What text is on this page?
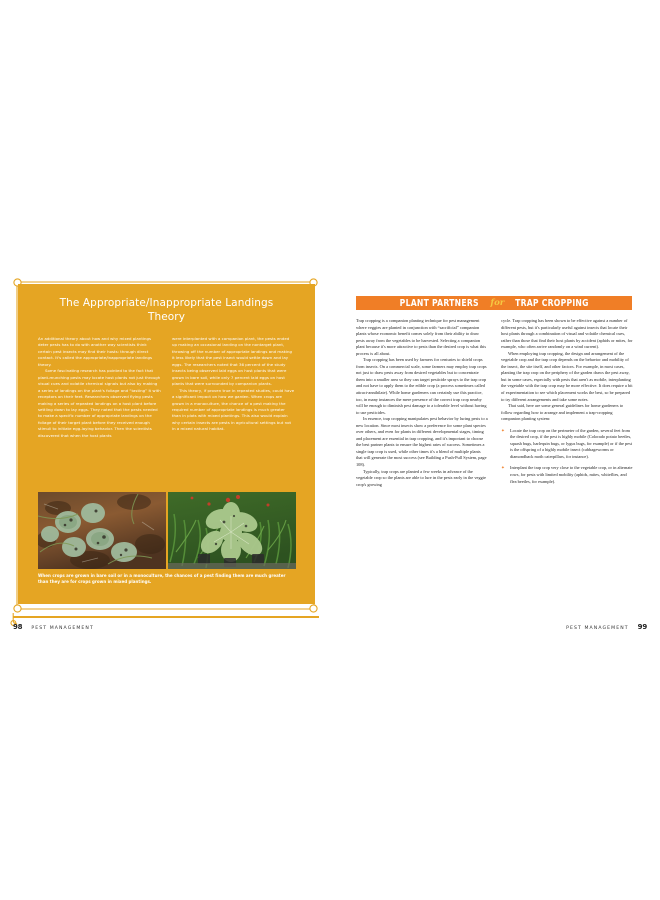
The Appropriate/Inappropriate Landings Theory

An additional theory about how and why mixed plantings deter pests has to do with another way scientists think certain pest insects may find their hosts: through direct contact. It's called the appropriate/inappropriate landings theory.

Some fascinating research has pointed to the fact that plant-munching pests may locate host plants not just through visual cues and volatile chemical signals but also by making a series of landings on the plant's foliage and “tasting” it with receptors on their feet. Researchers observed flying pests making a series of repeated landings on a host plant before settling down to lay eggs. They noted that the pests needed to make a specific number of appropriate landings on the foliage of their target plant before they received enough stimuli to initiate egg-laying behavior. Then the scientists discovered that when the host plants

were interplanted with a companion plant, the pests ended up making an occasional landing on the nontarget plant, throwing off the number of appropriate landings and making it less likely that the pest insect would settle down and lay eggs. The researchers noted that 36 percent of the study insects being observed laid eggs on host plants that were grown in bare soil, while only 7 percent laid eggs on host plants that were surrounded by companion plants.

This theory, if proven true in repeated studies, could have a significant impact on how we garden. When crops are grown in a monoculture, the chance of a pest making the required number of appropriate landings is much greater than in plots with mixed plantings. This also would explain why certain insects are pests in agricultural settings but not in a mixed natural habitat.

When crops are grown in bare soil or in a monoculture, the chances of a pest finding them are much greater than they are for crops grown in mixed plantings.
98 PEST MANAGEMENT
PLANT PARTNERS for TRAP CROPPING

Trap cropping is a companion planting technique for pest management where veggies are planted in conjunction with “sacrificial” companion plants whose economic benefit comes solely from their ability to draw pests away from the vegetables to be harvested. Selecting a companion plant because it's more attractive to pests than the desired crop is what this process is all about.

Trap cropping has been used by farmers for centuries to shield crops from insects. On a commercial scale, some farmers may employ trap crops not just to draw pests away from desired vegetables but to concentrate them into a smaller area so they can target pesticide sprays to the trap crop and not have to apply them to the edible crop (a process sometimes called attract-annihilate). While home gardeners can certainly use this practice, too, in many instances the mere presence of the correct trap crop nearby will be enough to diminish pest damage to a tolerable level without having to use pesticides.

In essence, trap cropping manipulates pest behavior by luring pests to a new location. Since most insects show a preference for some plant species over others, and even for plants in different developmental stages, timing and placement are essential in trap cropping, and it's important to choose the best partner plants to ensure the highest rates of success. Sometimes a single trap crop is used, while other times it's a blend of multiple plants that will generate the most success (see Building a Push-Pull System, page 108).

Typically, trap crops are planted a few weeks in advance of the vegetable crop so the plants are able to lure in the pests early in the veggie crop's growing

cycle. Trap cropping has been shown to be effective against a number of different pests, but it's particularly useful against insects that locate their host plants through a combination of visual and volatile chemical cues, rather than those that find their host plants by accident (aphids or mites, for example, who often arrive randomly on a wind current).

When employing trap cropping, the design and arrangement of the vegetable crop and the trap crop depends on the behavior and mobility of the insect, the site itself, and other factors. For example, in most cases, planting the trap crop on the periphery of the garden draws the pest away, but in some cases, especially with pests that aren't as mobile, interplanting the vegetable with the trap crop may be more effective. It does require a bit of experimentation to see which placement works the best, so be prepared to try different arrangements and take some notes.

That said, here are some general guidelines for home gardeners to follow regarding how to arrange and implement a trap-cropping companion planting system:

✦ Locate the trap crop on the perimeter of the garden, several feet from the desired crop, if the pest is highly mobile (Colorado potato beetles, squash bugs, harlequin bugs, or lygus bugs, for example) or if the pest is the offspring of a highly mobile insect (cabbageworms or diamondback moth caterpillars, for instance).
✦ Interplant the trap crop very close to the vegetable crop, or in alternate rows, for pests with limited mobility (aphids, mites, whiteflies, and flea beetles, for example).
PEST MANAGEMENT 99
